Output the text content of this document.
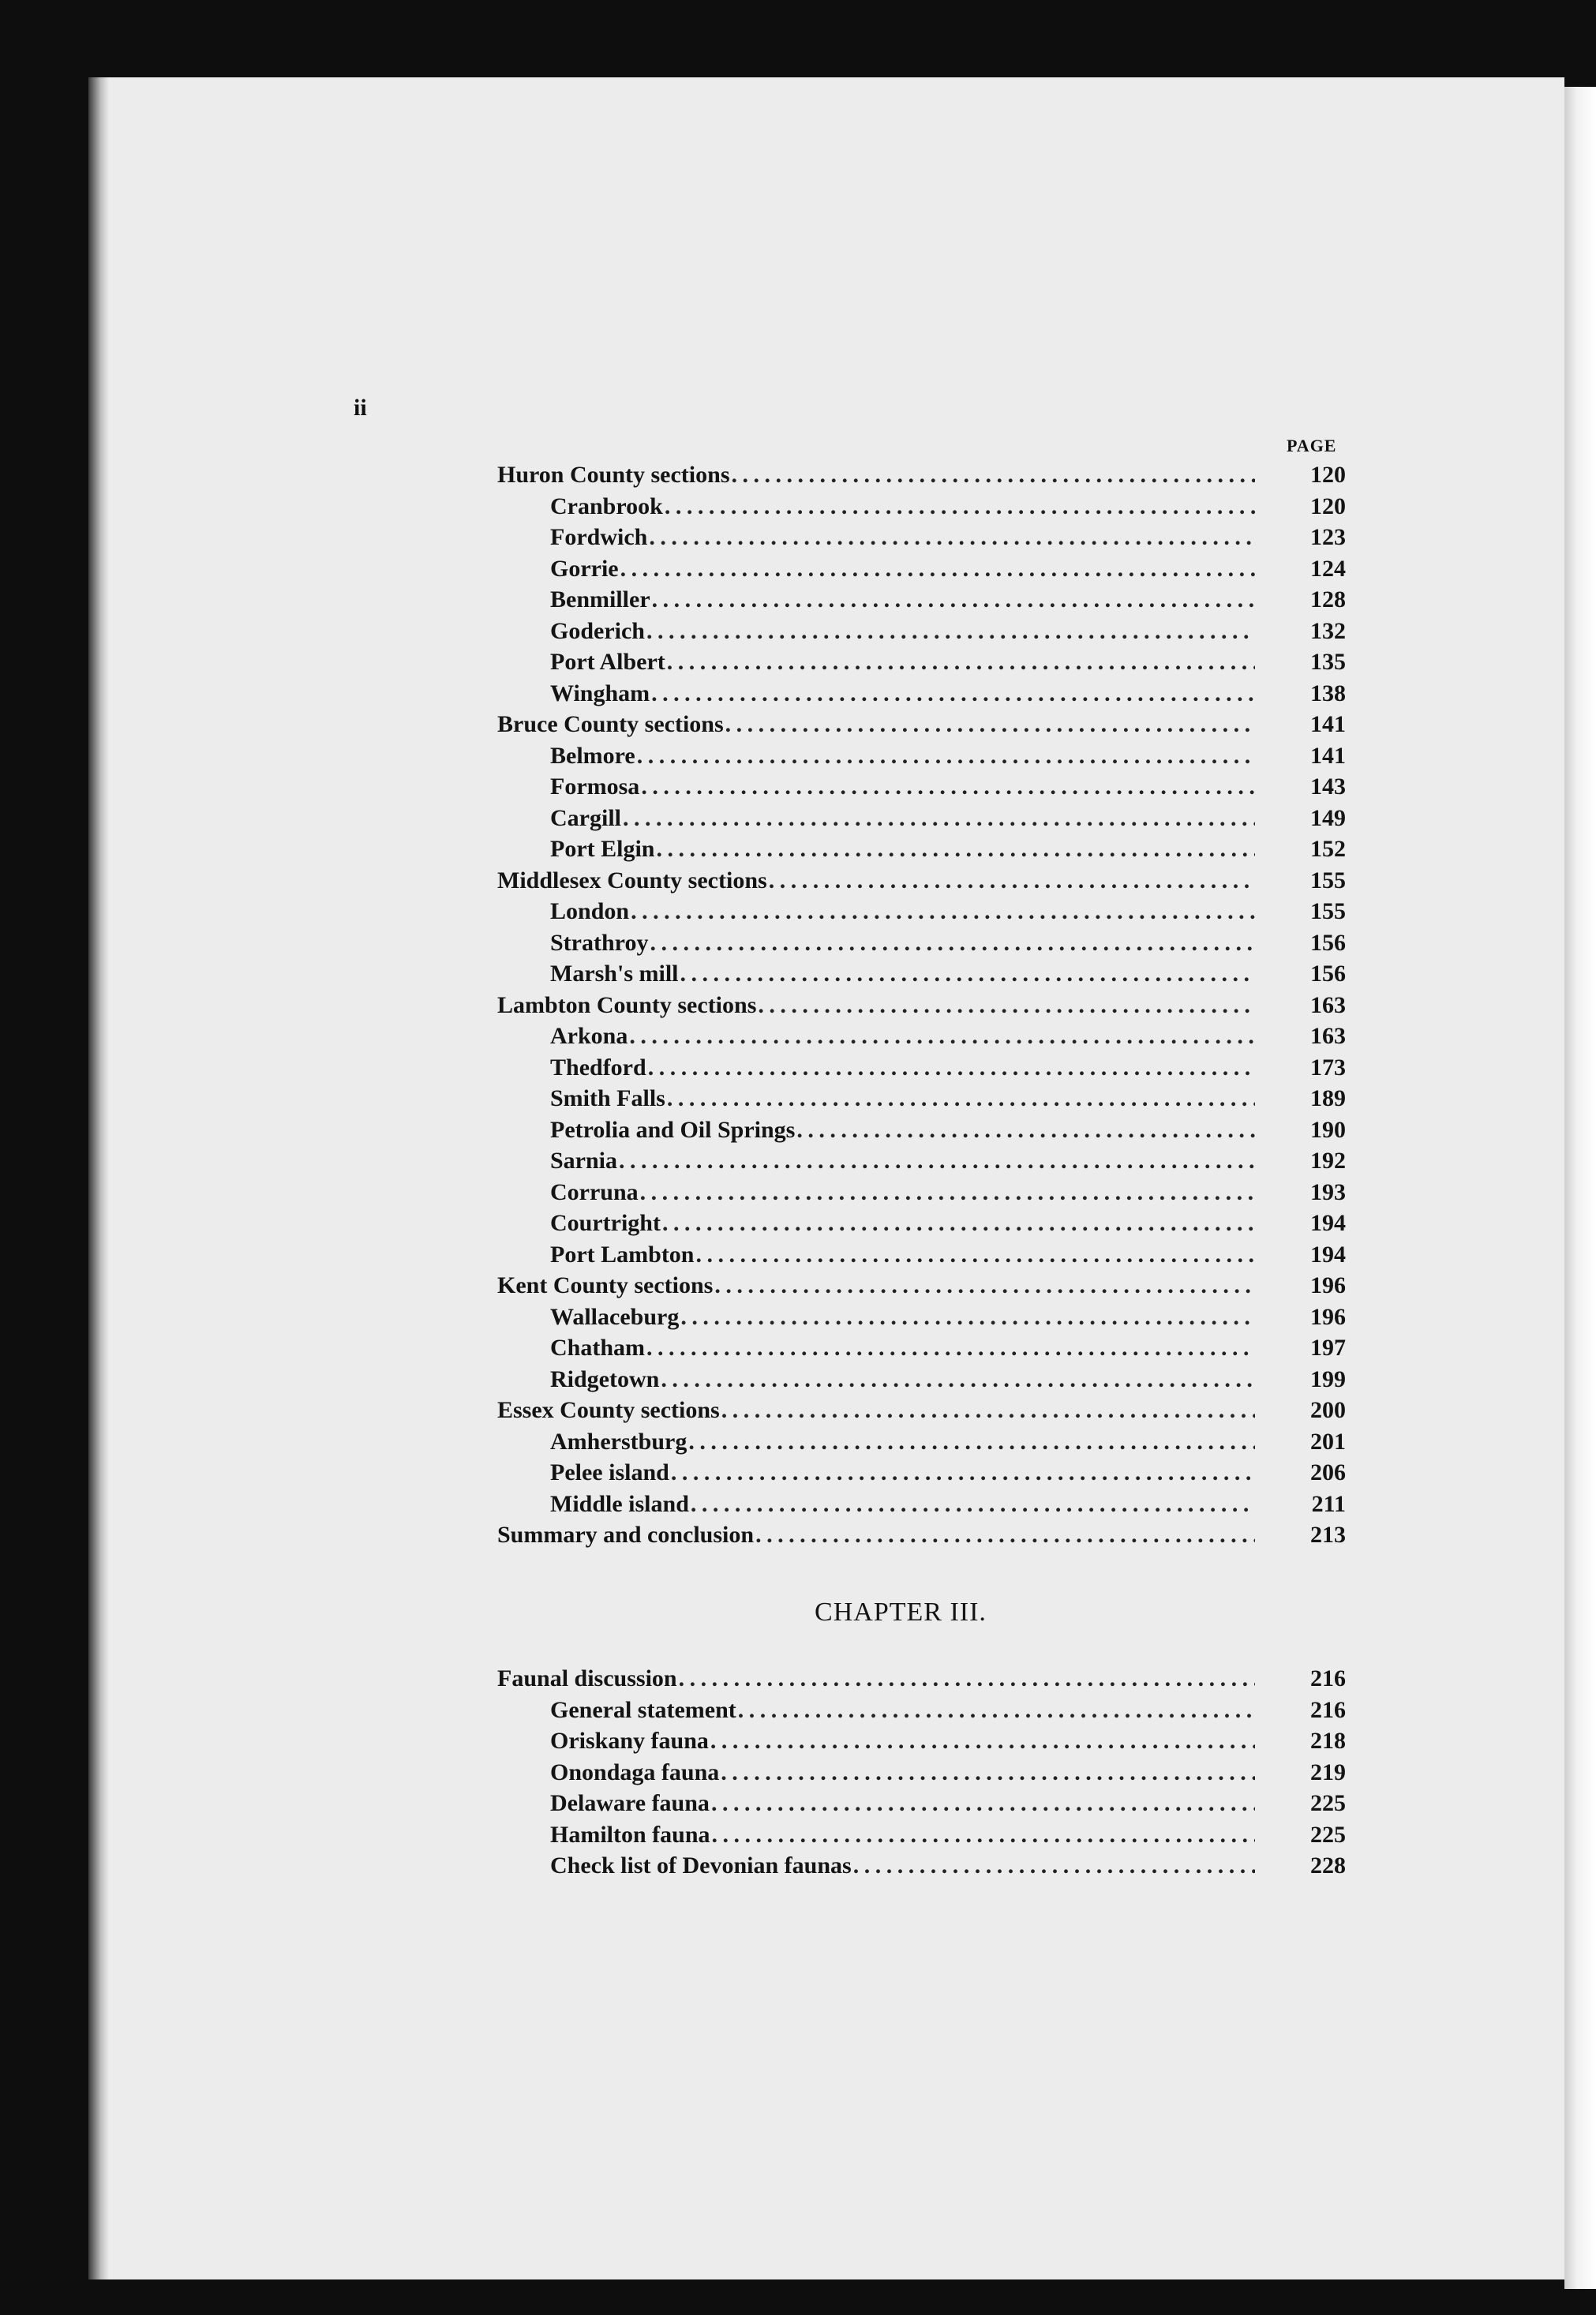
ii
PAGE
Huron County sections . . .	120
Cranbrook . . .	120
Fordwich . . .	123
Gorrie . . .	124
Benmiller . . .	128
Goderich . . .	132
Port Albert . . .	135
Wingham . . .	138
Bruce County sections . . .	141
Belmore . . .	141
Formosa . . .	143
Cargill . . .	149
Port Elgin . . .	152
Middlesex County sections . . .	155
London . . .	155
Strathroy . . .	156
Marsh's mill . . .	156
Lambton County sections . . .	163
Arkona . . .	163
Thedford . . .	173
Smith Falls . . .	189
Petrolia and Oil Springs . . .	190
Sarnia . . .	192
Corruna . . .	193
Courtright . . .	194
Port Lambton . . .	194
Kent County sections . . .	196
Wallaceburg . . .	196
Chatham . . .	197
Ridgetown . . .	199
Essex County sections . . .	200
Amherstburg . . .	201
Pelee island . . .	206
Middle island . . .	211
Summary and conclusion . . .	213
CHAPTER III.
Faunal discussion . . .	216
General statement . . .	216
Oriskany fauna . . .	218
Onondaga fauna . . .	219
Delaware fauna . . .	225
Hamilton fauna . . .	225
Check list of Devonian faunas . . .	228
